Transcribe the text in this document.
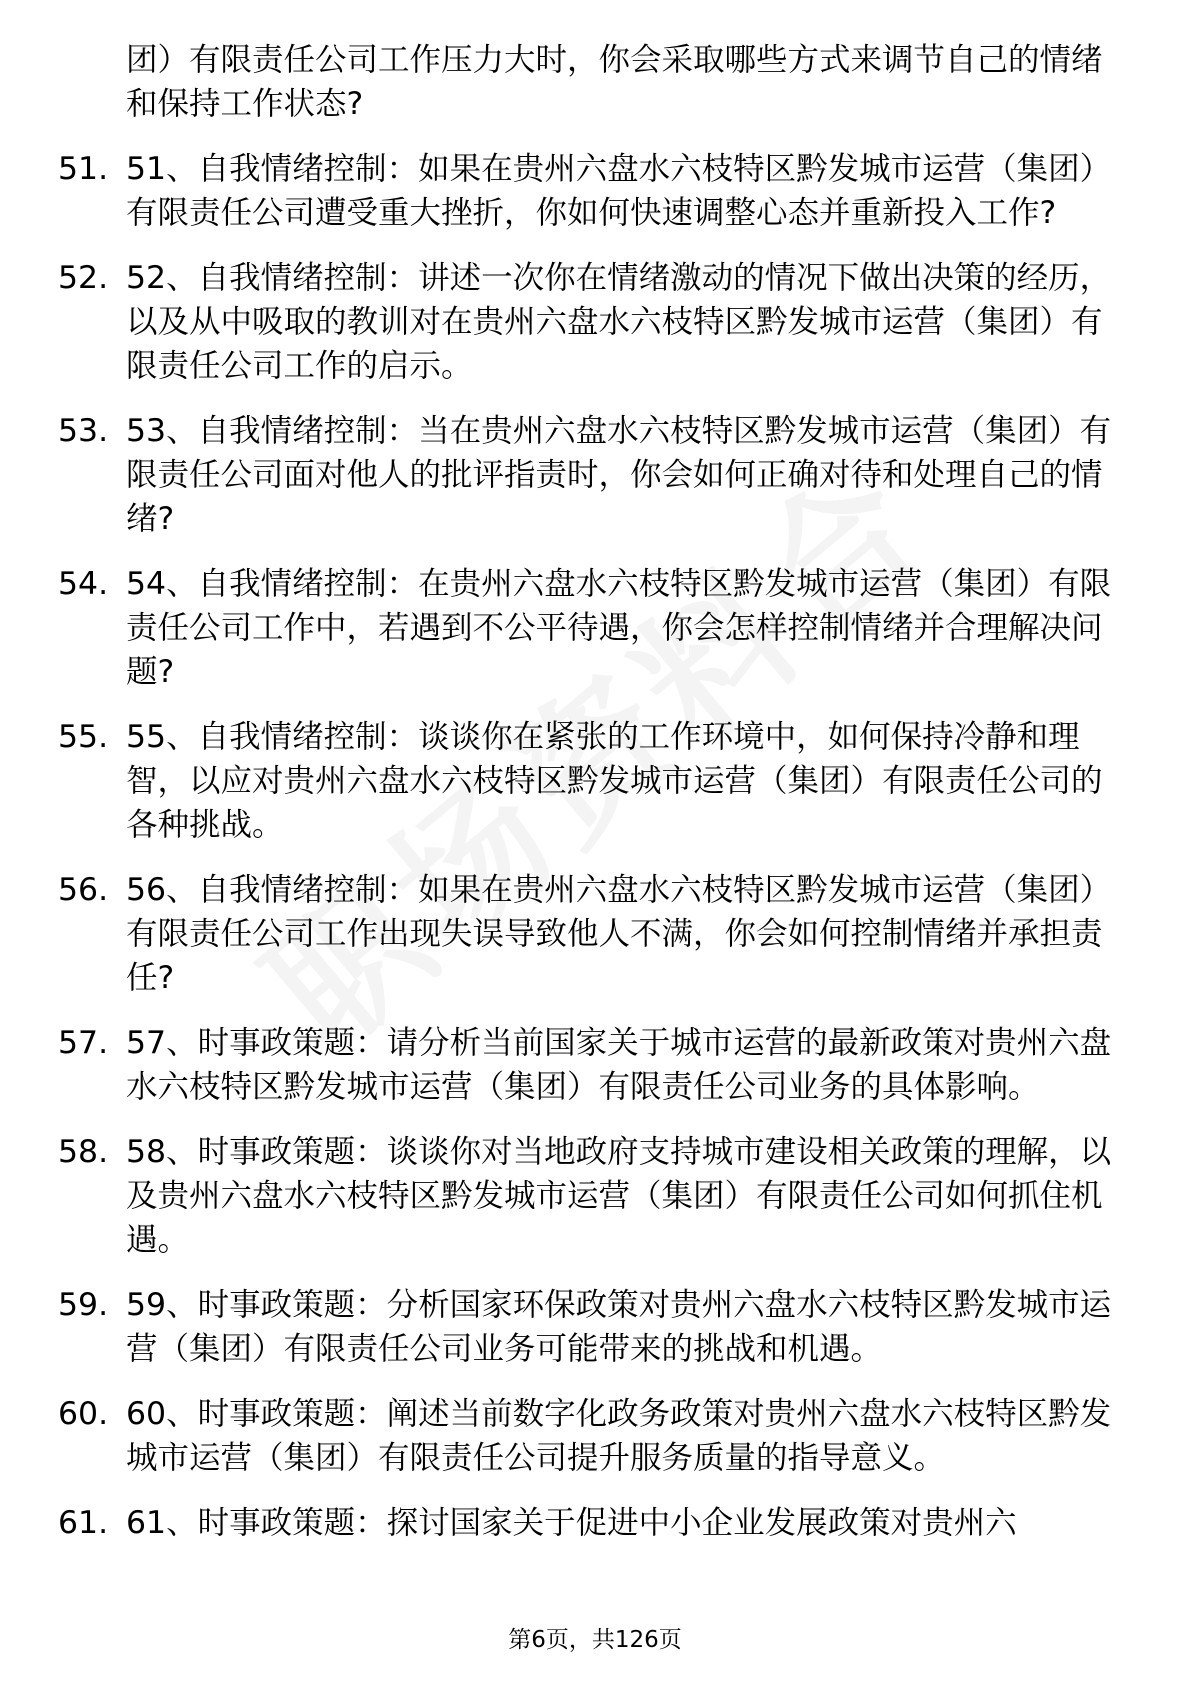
团）有限责任公司工作压力大时，你会采取哪些方式来调节自己的情绪和保持工作状态?
51. 51、自我情绪控制：如果在贵州六盘水六枝特区黔发城市运营（集团）有限责任公司遭受重大挫折，你如何快速调整心态并重新投入工作?
52. 52、自我情绪控制：讲述一次你在情绪激动的情况下做出决策的经历，以及从中吸取的教训对在贵州六盘水六枝特区黔发城市运营（集团）有限责任公司工作的启示。
53. 53、自我情绪控制：当在贵州六盘水六枝特区黔发城市运营（集团）有限责任公司面对他人的批评指责时，你会如何正确对待和处理自己的情绪?
54. 54、自我情绪控制：在贵州六盘水六枝特区黔发城市运营（集团）有限责任公司工作中，若遇到不公平待遇，你会怎样控制情绪并合理解决问题?
55. 55、自我情绪控制：谈谈你在紧张的工作环境中，如何保持冷静和理智，以应对贵州六盘水六枝特区黔发城市运营（集团）有限责任公司的各种挑战。
56. 56、自我情绪控制：如果在贵州六盘水六枝特区黔发城市运营（集团）有限责任公司工作出现失误导致他人不满，你会如何控制情绪并承担责任?
57. 57、时事政策题：请分析当前国家关于城市运营的最新政策对贵州六盘水六枝特区黔发城市运营（集团）有限责任公司业务的具体影响。
58. 58、时事政策题：谈谈你对当地政府支持城市建设相关政策的理解，以及贵州六盘水六枝特区黔发城市运营（集团）有限责任公司如何抓住机遇。
59. 59、时事政策题：分析国家环保政策对贵州六盘水六枝特区黔发城市运营（集团）有限责任公司业务可能带来的挑战和机遇。
60. 60、时事政策题：阐述当前数字化政务政策对贵州六盘水六枝特区黔发城市运营（集团）有限责任公司提升服务质量的指导意义。
61. 61、时事政策题：探讨国家关于促进中小企业发展政策对贵州六
第6页，共126页
